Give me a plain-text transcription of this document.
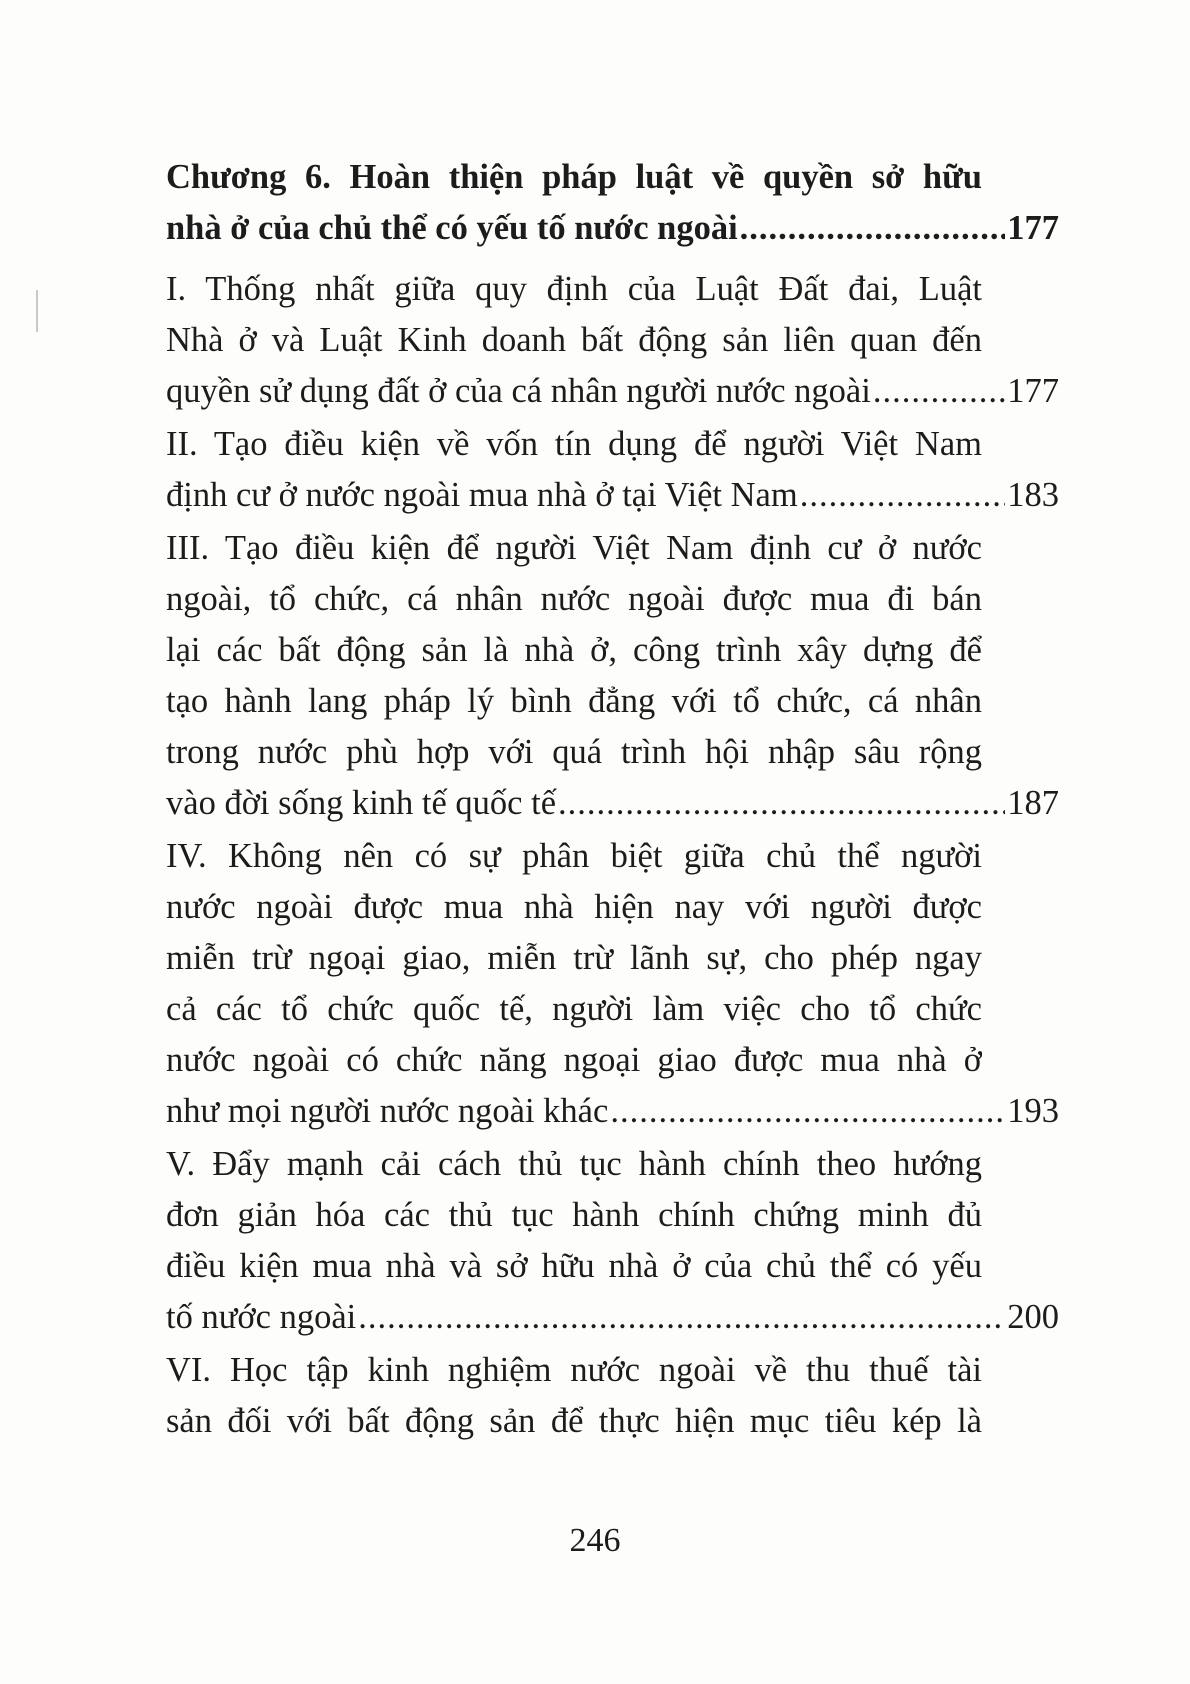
Chương 6. Hoàn thiện pháp luật về quyền sở hữu
nhà ở của chủ thể có yếu tố nước ngoài .....	177

I. Thống nhất giữa quy định của Luật Đất đai, Luật
Nhà ở và Luật Kinh doanh bất động sản liên quan đến
quyền sử dụng đất ở của cá nhân người nước ngoài .....	177

II. Tạo điều kiện về vốn tín dụng để người Việt Nam
định cư ở nước ngoài mua nhà ở tại Việt Nam .....	183

III. Tạo điều kiện để người Việt Nam định cư ở nước
ngoài, tổ chức, cá nhân nước ngoài được mua đi bán
lại các bất động sản là nhà ở, công trình xây dựng để
tạo hành lang pháp lý bình đẳng với tổ chức, cá nhân
trong nước phù hợp với quá trình hội nhập sâu rộng
vào đời sống kinh tế quốc tế .....	187

IV. Không nên có sự phân biệt giữa chủ thể người
nước ngoài được mua nhà hiện nay với người được
miễn trừ ngoại giao, miễn trừ lãnh sự, cho phép ngay
cả các tổ chức quốc tế, người làm việc cho tổ chức
nước ngoài có chức năng ngoại giao được mua nhà ở
như mọi người nước ngoài khác .....	193

V. Đẩy mạnh cải cách thủ tục hành chính theo hướng
đơn giản hóa các thủ tục hành chính chứng minh đủ
điều kiện mua nhà và sở hữu nhà ở của chủ thể có yếu
tố nước ngoài .....	200

VI. Học tập kinh nghiệm nước ngoài về thu thuế tài
sản đối với bất động sản để thực hiện mục tiêu kép là

246
